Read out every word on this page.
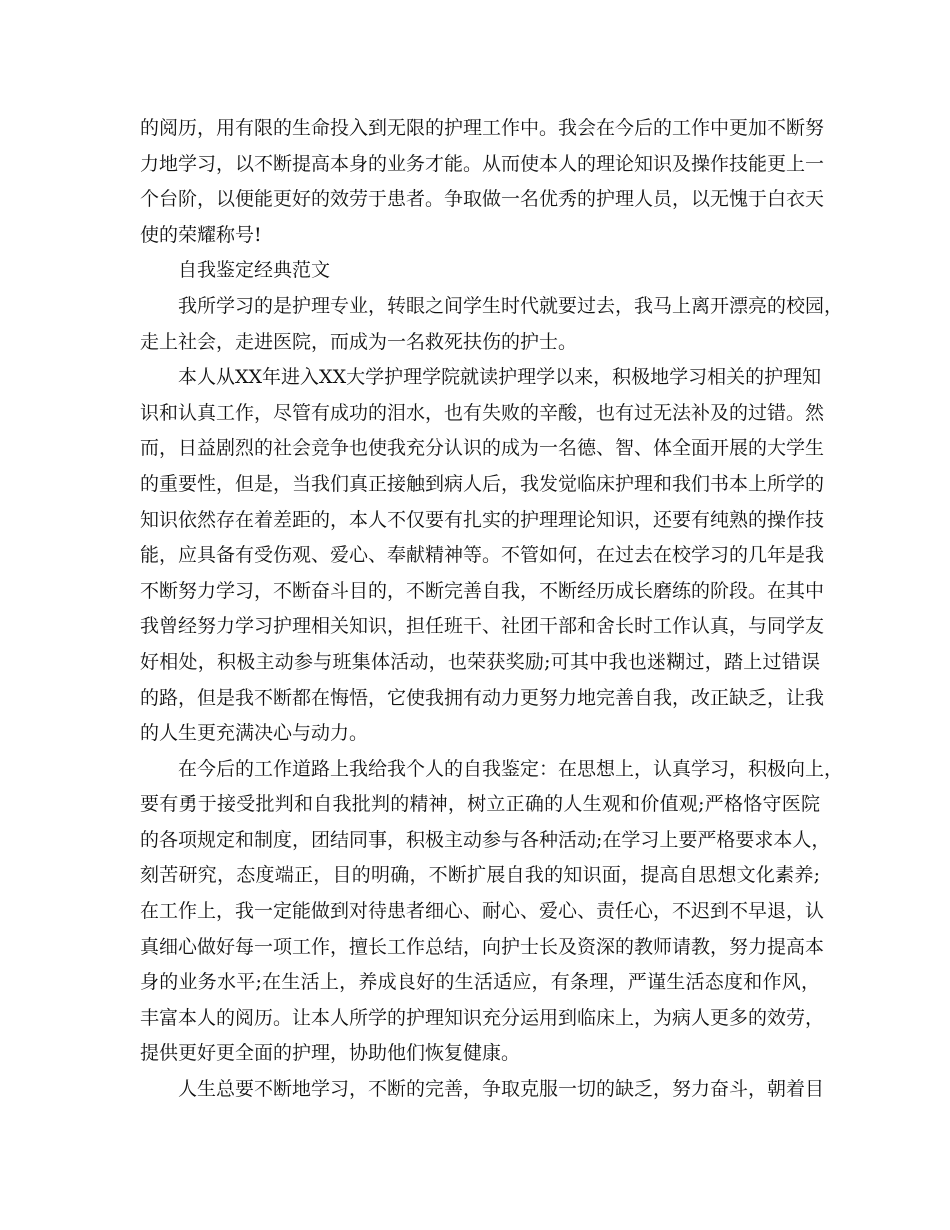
的阅历，用有限的生命投入到无限的护理工作中。我会在今后的工作中更加不断努
力地学习，以不断提高本身的业务才能。从而使本人的理论知识及操作技能更上一
个台阶，以便能更好的效劳于患者。争取做一名优秀的护理人员，以无愧于白衣天
使的荣耀称号!
自我鉴定经典范文
我所学习的是护理专业，转眼之间学生时代就要过去，我马上离开漂亮的校园，
走上社会，走进医院，而成为一名救死扶伤的护士。
本人从XX年进入XX大学护理学院就读护理学以来，积极地学习相关的护理知
识和认真工作，尽管有成功的泪水，也有失败的辛酸，也有过无法补及的过错。然
而，日益剧烈的社会竞争也使我充分认识的成为一名德、智、体全面开展的大学生
的重要性，但是，当我们真正接触到病人后，我发觉临床护理和我们书本上所学的
知识依然存在着差距的，本人不仅要有扎实的护理理论知识，还要有纯熟的操作技
能，应具备有受伤观、爱心、奉献精神等。不管如何，在过去在校学习的几年是我
不断努力学习，不断奋斗目的，不断完善自我，不断经历成长磨练的阶段。在其中
我曾经努力学习护理相关知识，担任班干、社团干部和舍长时工作认真，与同学友
好相处，积极主动参与班集体活动，也荣获奖励;可其中我也迷糊过，踏上过错误
的路，但是我不断都在悔悟，它使我拥有动力更努力地完善自我，改正缺乏，让我
的人生更充满决心与动力。
在今后的工作道路上我给我个人的自我鉴定：在思想上，认真学习，积极向上，
要有勇于接受批判和自我批判的精神，树立正确的人生观和价值观;严格恪守医院
的各项规定和制度，团结同事，积极主动参与各种活动;在学习上要严格要求本人，
刻苦研究，态度端正，目的明确，不断扩展自我的知识面，提高自思想文化素养;
在工作上，我一定能做到对待患者细心、耐心、爱心、责任心，不迟到不早退，认
真细心做好每一项工作，擅长工作总结，向护士长及资深的教师请教，努力提高本
身的业务水平;在生活上，养成良好的生活适应，有条理，严谨生活态度和作风，
丰富本人的阅历。让本人所学的护理知识充分运用到临床上，为病人更多的效劳，
提供更好更全面的护理，协助他们恢复健康。
人生总要不断地学习，不断的完善，争取克服一切的缺乏，努力奋斗，朝着目
